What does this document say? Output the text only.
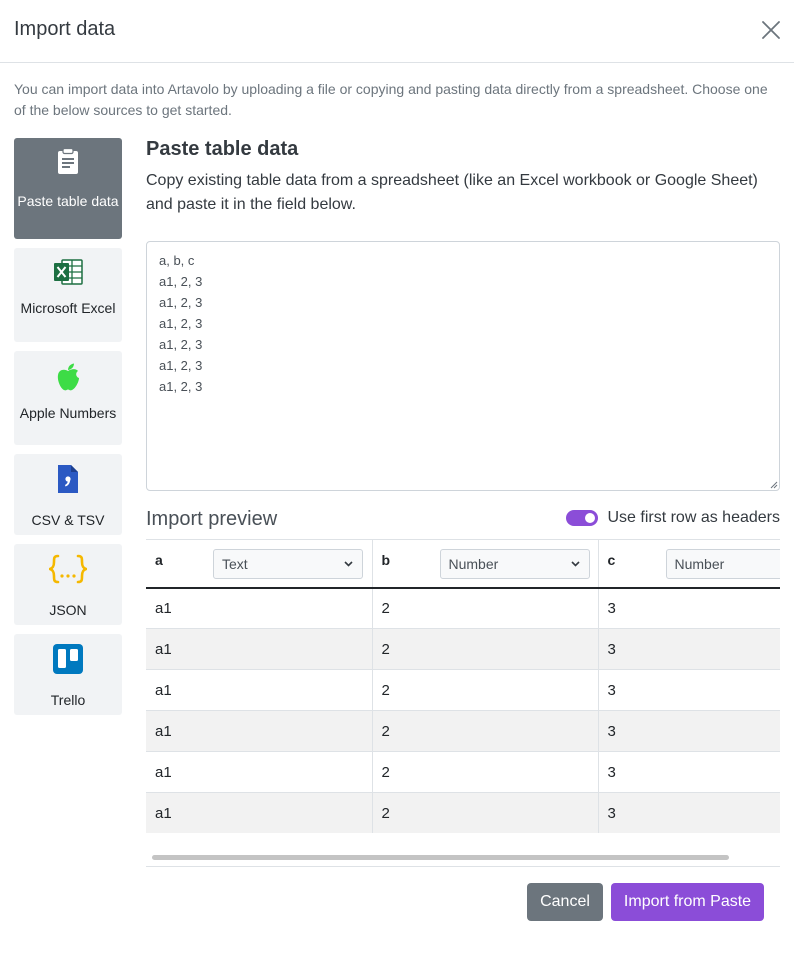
Import data
You can import data into Artavolo by uploading a file or copying and pasting data directly from a spreadsheet. Choose one of the below sources to get started.
Paste table data
Microsoft Excel
Apple Numbers
CSV & TSV
JSON
Trello
Paste table data
Copy existing table data from a spreadsheet (like an Excel workbook or Google Sheet) and paste it in the field below.
a, b, c
a1, 2, 3
a1, 2, 3
a1, 2, 3
a1, 2, 3
a1, 2, 3
a1, 2, 3
Import preview	Use first row as headers
a Text	b Number	c Number

a1	2	3
a1	2	3
a1	2	3
a1	2	3
a1	2	3
a1	2	3
Cancel	Import from Paste
